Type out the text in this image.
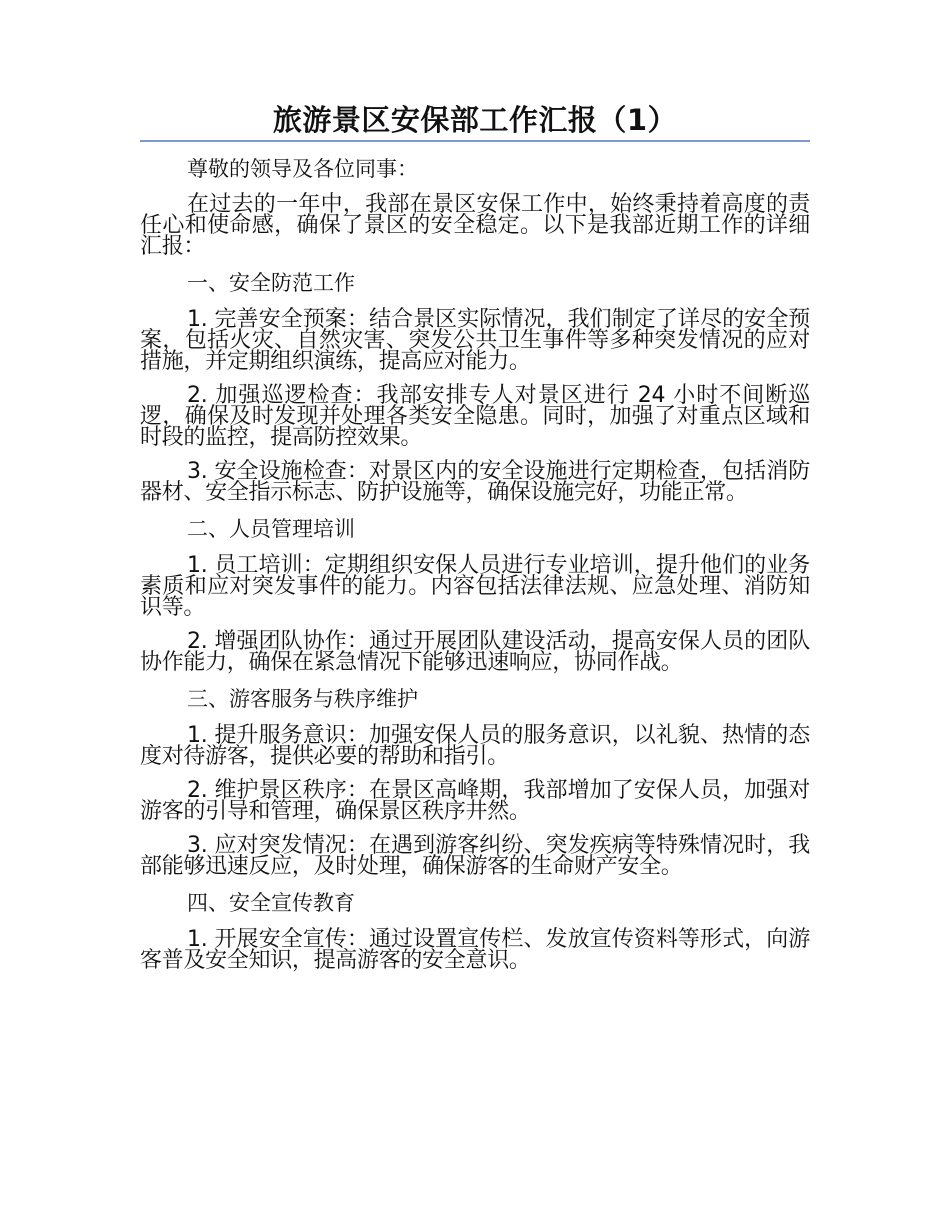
旅游景区安保部工作汇报（1）

尊敬的领导及各位同事：

在过去的一年中，我部在景区安保工作中，始终秉持着高度的责任心和使命感，确保了景区的安全稳定。以下是我部近期工作的详细汇报：

一、安全防范工作

1. 完善安全预案：结合景区实际情况，我们制定了详尽的安全预案，包括火灾、自然灾害、突发公共卫生事件等多种突发情况的应对措施，并定期组织演练，提高应对能力。

2. 加强巡逻检查：我部安排专人对景区进行 24 小时不间断巡逻，确保及时发现并处理各类安全隐患。同时，加强了对重点区域和时段的监控，提高防控效果。

3. 安全设施检查：对景区内的安全设施进行定期检查，包括消防器材、安全指示标志、防护设施等，确保设施完好，功能正常。

二、人员管理培训

1. 员工培训：定期组织安保人员进行专业培训，提升他们的业务素质和应对突发事件的能力。内容包括法律法规、应急处理、消防知识等。

2. 增强团队协作：通过开展团队建设活动，提高安保人员的团队协作能力，确保在紧急情况下能够迅速响应，协同作战。

三、游客服务与秩序维护

1. 提升服务意识：加强安保人员的服务意识，以礼貌、热情的态度对待游客，提供必要的帮助和指引。

2. 维护景区秩序：在景区高峰期，我部增加了安保人员，加强对游客的引导和管理，确保景区秩序井然。

3. 应对突发情况：在遇到游客纠纷、突发疾病等特殊情况时，我部能够迅速反应，及时处理，确保游客的生命财产安全。

四、安全宣传教育

1. 开展安全宣传：通过设置宣传栏、发放宣传资料等形式，向游客普及安全知识，提高游客的安全意识。
